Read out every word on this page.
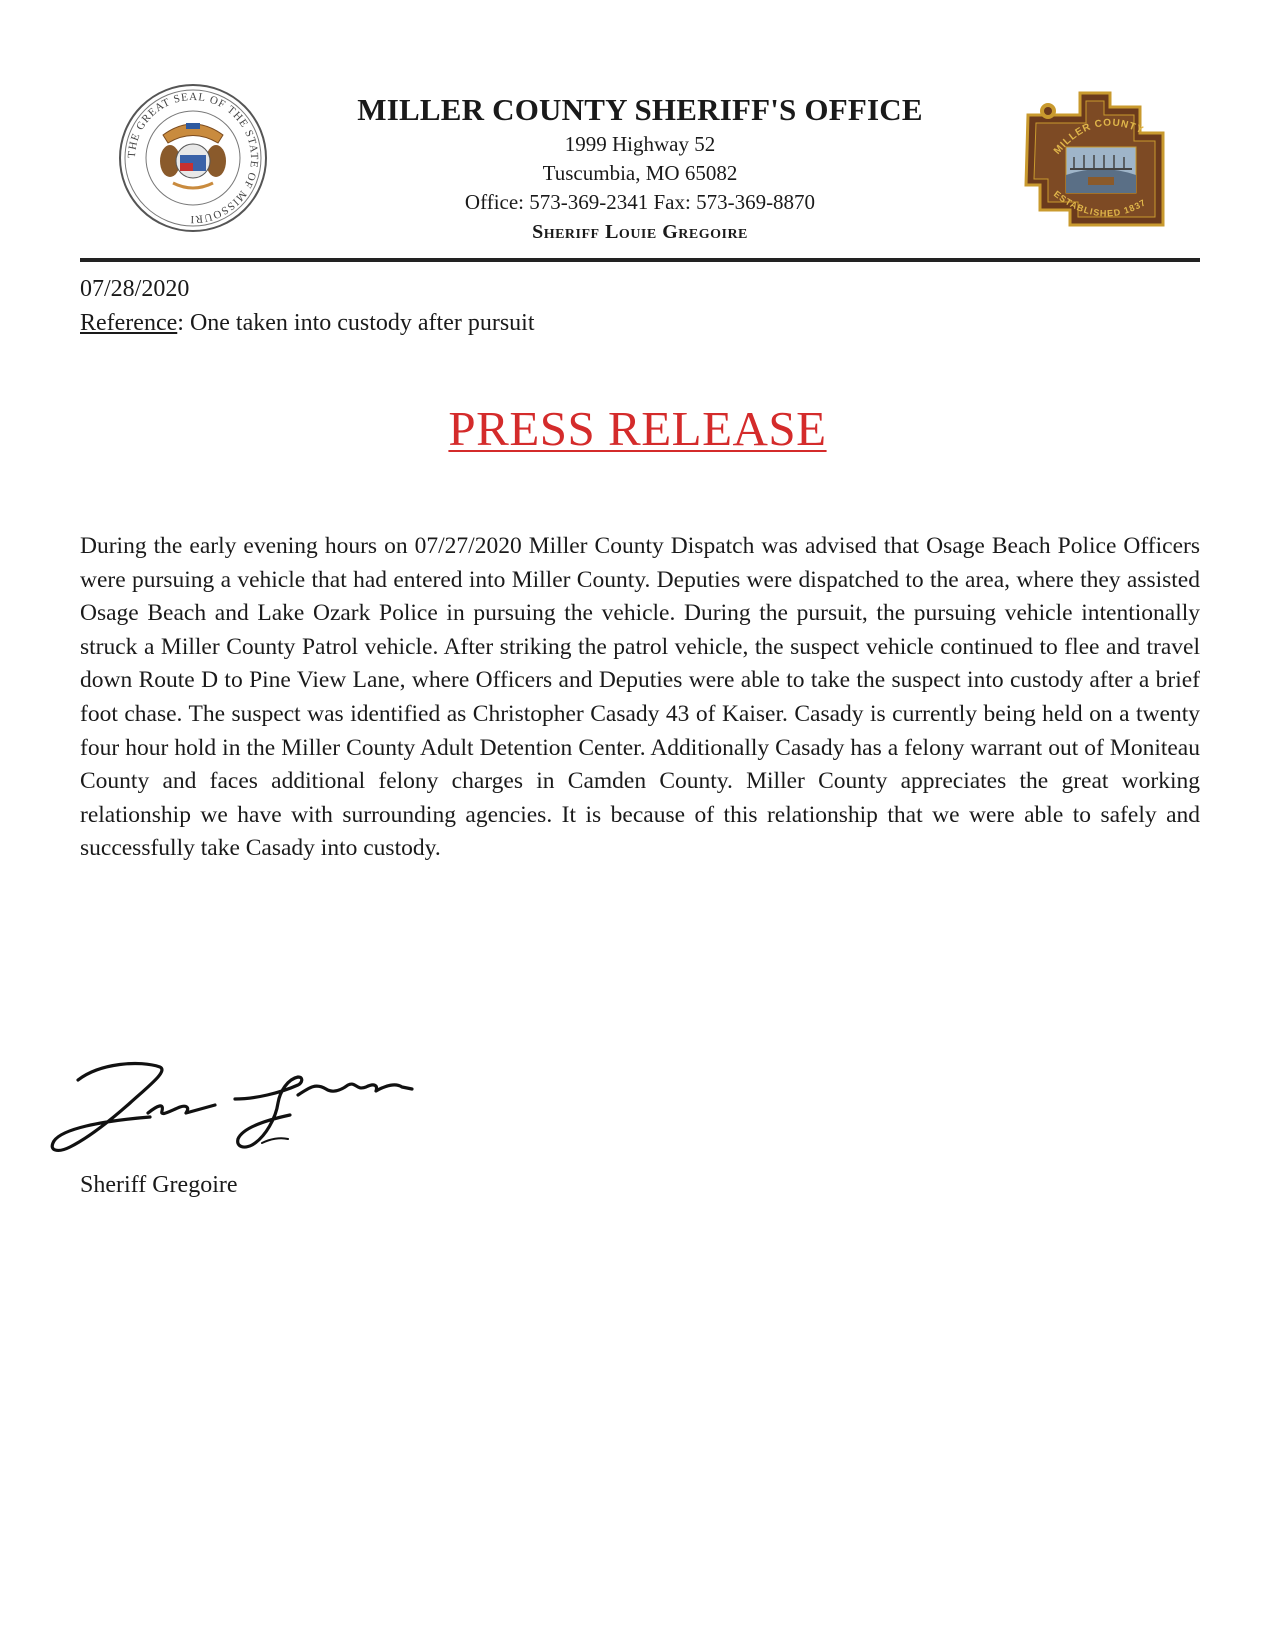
THE GREAT SEAL OF THE STATE OF MISSOURI
MILLER COUNTY SHERIFF'S OFFICE
1999 Highway 52
Tuscumbia, MO 65082
Office: 573-369-2341 Fax: 573-369-8870
Sheriff Louie Gregoire
MILLER COUNTY
ESTABLISHED 1837
07/28/2020
Reference: One taken into custody after pursuit
PRESS RELEASE
During the early evening hours on 07/27/2020 Miller County Dispatch was advised that Osage Beach Police Officers were pursuing a vehicle that had entered into Miller County. Deputies were dispatched to the area, where they assisted Osage Beach and Lake Ozark Police in pursuing the vehicle. During the pursuit, the pursuing vehicle intentionally struck a Miller County Patrol vehicle. After striking the patrol vehicle, the suspect vehicle continued to flee and travel down Route D to Pine View Lane, where Officers and Deputies were able to take the suspect into custody after a brief foot chase. The suspect was identified as Christopher Casady 43 of Kaiser. Casady is currently being held on a twenty four hour hold in the Miller County Adult Detention Center. Additionally Casady has a felony warrant out of Moniteau County and faces additional felony charges in Camden County. Miller County appreciates the great working relationship we have with surrounding agencies. It is because of this relationship that we were able to safely and successfully take Casady into custody.
Sheriff Gregoire
